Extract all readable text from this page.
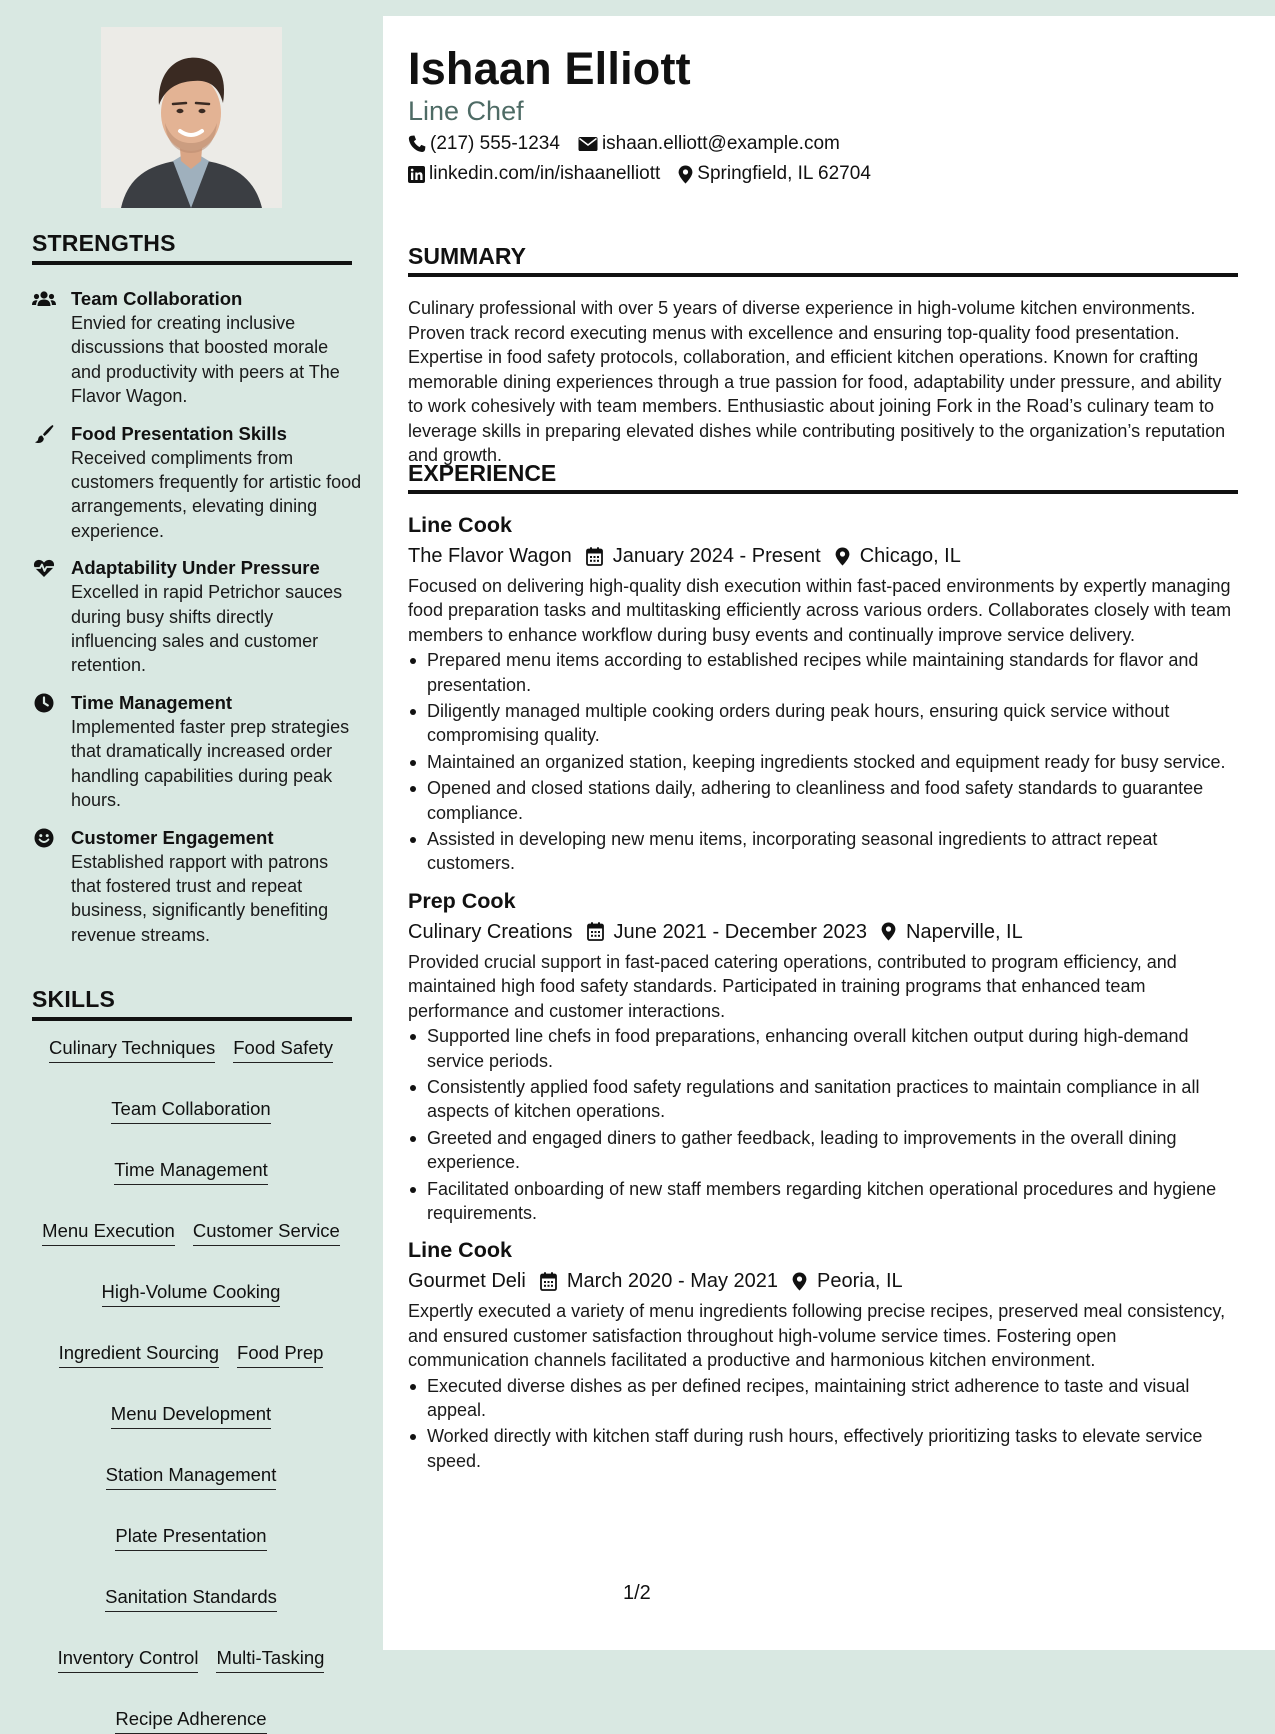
STRENGTHS
Team Collaboration
Envied for creating inclusive discussions that boosted morale and productivity with peers at The Flavor Wagon.
Food Presentation Skills
Received compliments from customers frequently for artistic food arrangements, elevating dining experience.
Adaptability Under Pressure
Excelled in rapid Petrichor sauces during busy shifts directly influencing sales and customer retention.
Time Management
Implemented faster prep strategies that dramatically increased order handling capabilities during peak hours.
Customer Engagement
Established rapport with patrons that fostered trust and repeat business, significantly benefiting revenue streams.
SKILLS
Culinary Techniques Food Safety
Team Collaboration
Time Management
Menu Execution Customer Service
High-Volume Cooking
Ingredient Sourcing Food Prep
Menu Development
Station Management
Plate Presentation
Sanitation Standards
Inventory Control Multi-Tasking
Recipe Adherence
Ishaan Elliott
Line Chef
(217) 555-1234 ishaan.elliott@example.com
linkedin.com/in/ishaanelliott Springfield, IL 62704
SUMMARY

Culinary professional with over 5 years of diverse experience in high-volume kitchen environments. Proven track record executing menus with excellence and ensuring top-quality food presentation. Expertise in food safety protocols, collaboration, and efficient kitchen operations. Known for crafting memorable dining experiences through a true passion for food, adaptability under pressure, and ability to work cohesively with team members. Enthusiastic about joining Fork in the Road’s culinary team to leverage skills in preparing elevated dishes while contributing positively to the organization’s reputation and growth.

EXPERIENCE
Line Cook
The Flavor Wagon January 2024 - Present Chicago, IL

Focused on delivering high-quality dish execution within fast-paced environments by expertly managing food preparation tasks and multitasking efficiently across various orders. Collaborates closely with team members to enhance workflow during busy events and continually improve service delivery.

Prepared menu items according to established recipes while maintaining standards for flavor and presentation.
Diligently managed multiple cooking orders during peak hours, ensuring quick service without compromising quality.
Maintained an organized station, keeping ingredients stocked and equipment ready for busy service.
Opened and closed stations daily, adhering to cleanliness and food safety standards to guarantee compliance.
Assisted in developing new menu items, incorporating seasonal ingredients to attract repeat customers.
Prep Cook
Culinary Creations June 2021 - December 2023 Naperville, IL

Provided crucial support in fast-paced catering operations, contributed to program efficiency, and maintained high food safety standards. Participated in training programs that enhanced team performance and customer interactions.

Supported line chefs in food preparations, enhancing overall kitchen output during high-demand service periods.
Consistently applied food safety regulations and sanitation practices to maintain compliance in all aspects of kitchen operations.
Greeted and engaged diners to gather feedback, leading to improvements in the overall dining experience.
Facilitated onboarding of new staff members regarding kitchen operational procedures and hygiene requirements.
Line Cook
Gourmet Deli March 2020 - May 2021 Peoria, IL

Expertly executed a variety of menu ingredients following precise recipes, preserved meal consistency, and ensured customer satisfaction throughout high-volume service times. Fostering open communication channels facilitated a productive and harmonious kitchen environment.

Executed diverse dishes as per defined recipes, maintaining strict adherence to taste and visual appeal.
Worked directly with kitchen staff during rush hours, effectively prioritizing tasks to elevate service speed.
1/2
